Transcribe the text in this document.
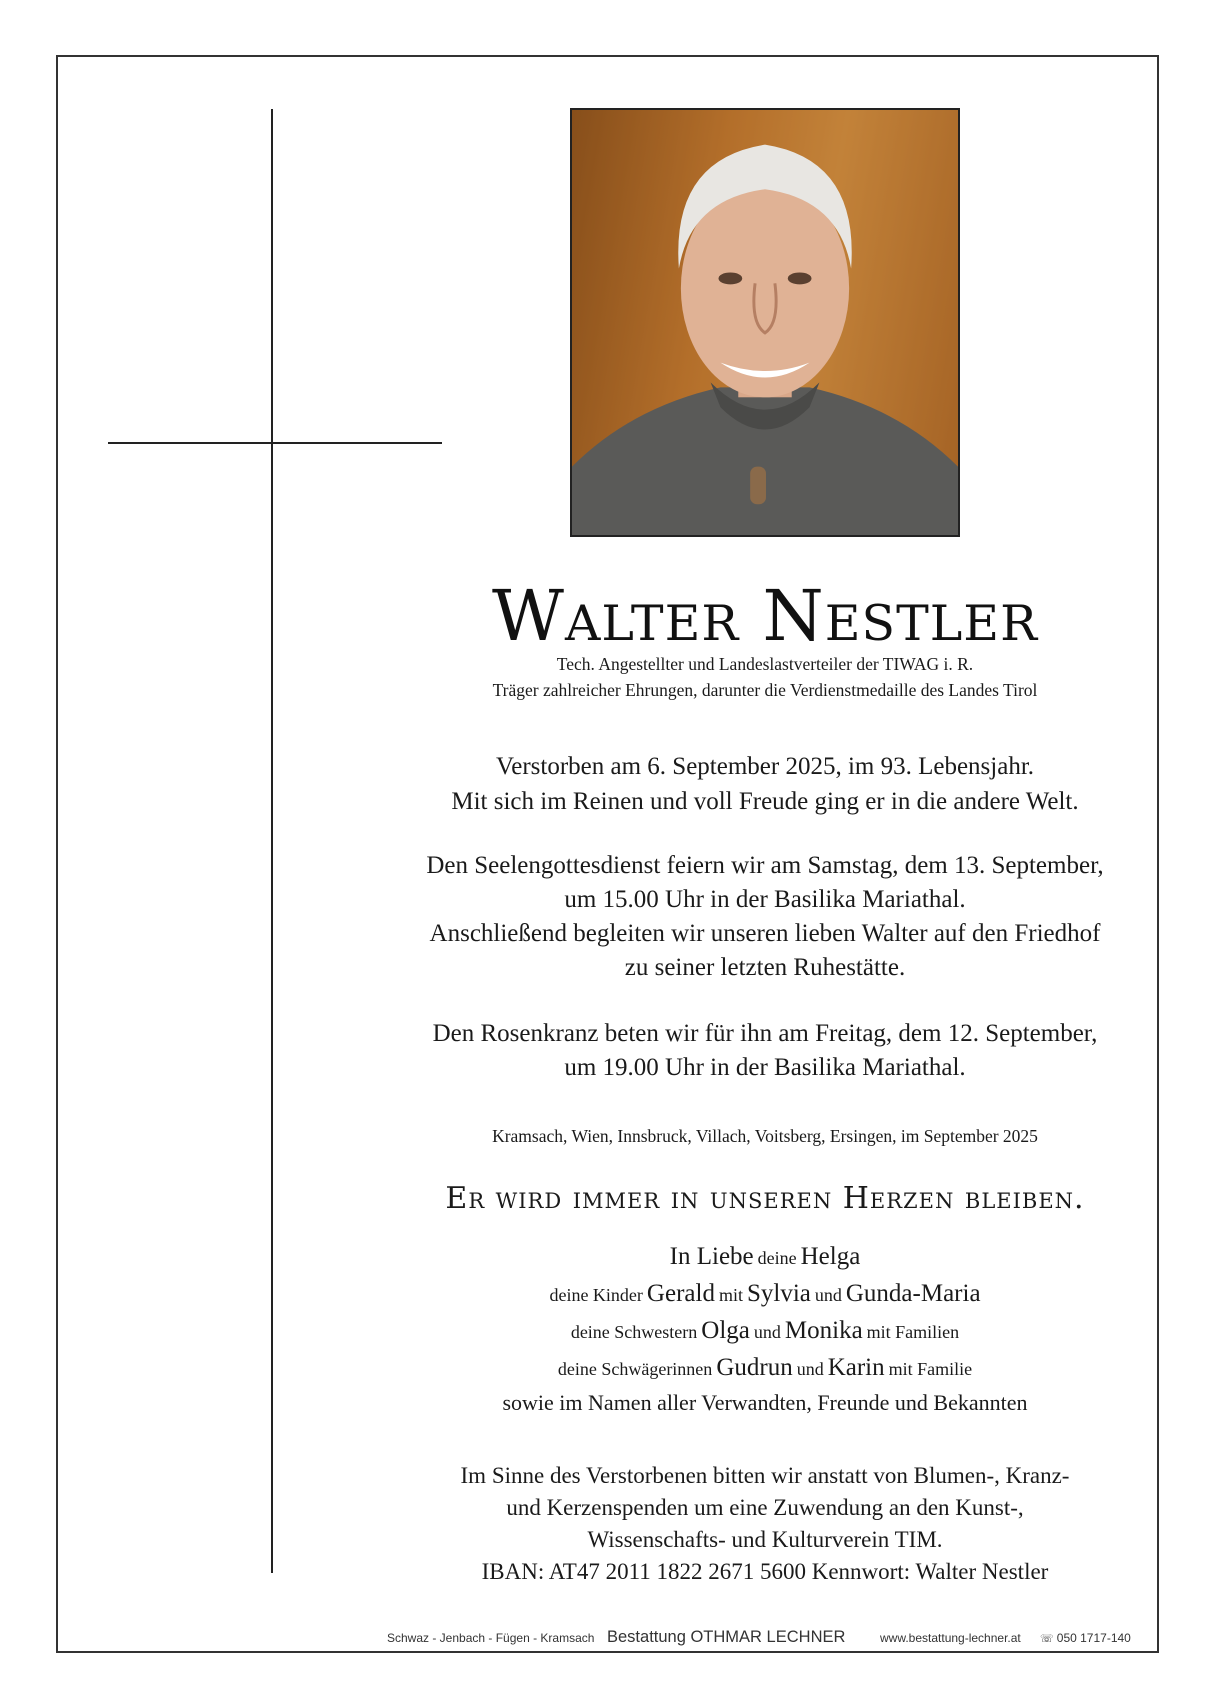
Walter Nestler
Tech. Angestellter und Landeslastverteiler der TIWAG i. R.
Träger zahlreicher Ehrungen, darunter die Verdienstmedaille des Landes Tirol
Verstorben am 6. September 2025, im 93. Lebensjahr.
Mit sich im Reinen und voll Freude ging er in die andere Welt.
Den Seelengottesdienst feiern wir am Samstag, dem 13. September,
um 15.00 Uhr in der Basilika Mariathal.
Anschließend begleiten wir unseren lieben Walter auf den Friedhof
zu seiner letzten Ruhestätte.
Den Rosenkranz beten wir für ihn am Freitag, dem 12. September,
um 19.00 Uhr in der Basilika Mariathal.
Kramsach, Wien, Innsbruck, Villach, Voitsberg, Ersingen, im September 2025
Er wird immer in unseren Herzen bleiben.
In Liebe deine Helga
deine Kinder Gerald mit Sylvia und Gunda-Maria
deine Schwestern Olga und Monika mit Familien
deine Schwägerinnen Gudrun und Karin mit Familie
sowie im Namen aller Verwandten, Freunde und Bekannten
Im Sinne des Verstorbenen bitten wir anstatt von Blumen-, Kranz-
und Kerzenspenden um eine Zuwendung an den Kunst-,
Wissenschafts- und Kulturverein TIM.
IBAN: AT47 2011 1822 2671 5600 Kennwort: Walter Nestler
Schwaz - Jenbach - Fügen - Kramsach Bestattung OTHMAR LECHNER	www.bestattung-lechner.at ☏ 050 1717-140
